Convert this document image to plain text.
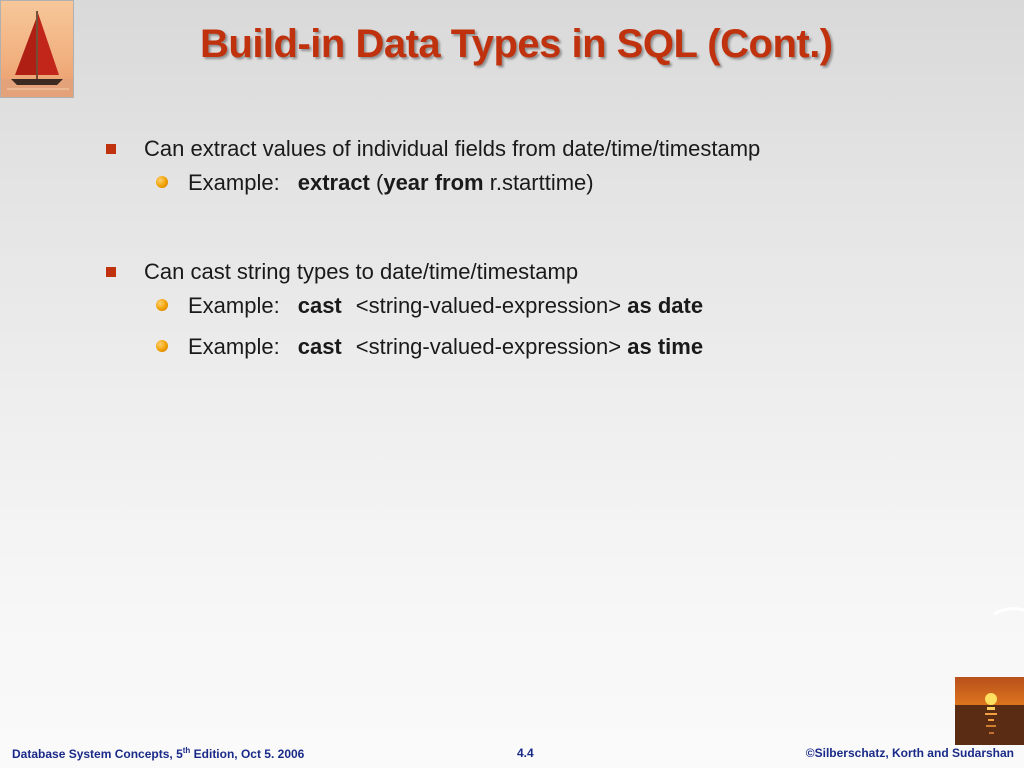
Build-in Data Types in SQL (Cont.)
Can extract values of individual fields from date/time/timestamp
Example: extract (year from r.starttime)
Can cast string types to date/time/timestamp
Example: cast <string-valued-expression> as date
Example: cast <string-valued-expression> as time
Database System Concepts, 5th Edition, Oct 5. 2006	4.4	©Silberschatz, Korth and Sudarshan
